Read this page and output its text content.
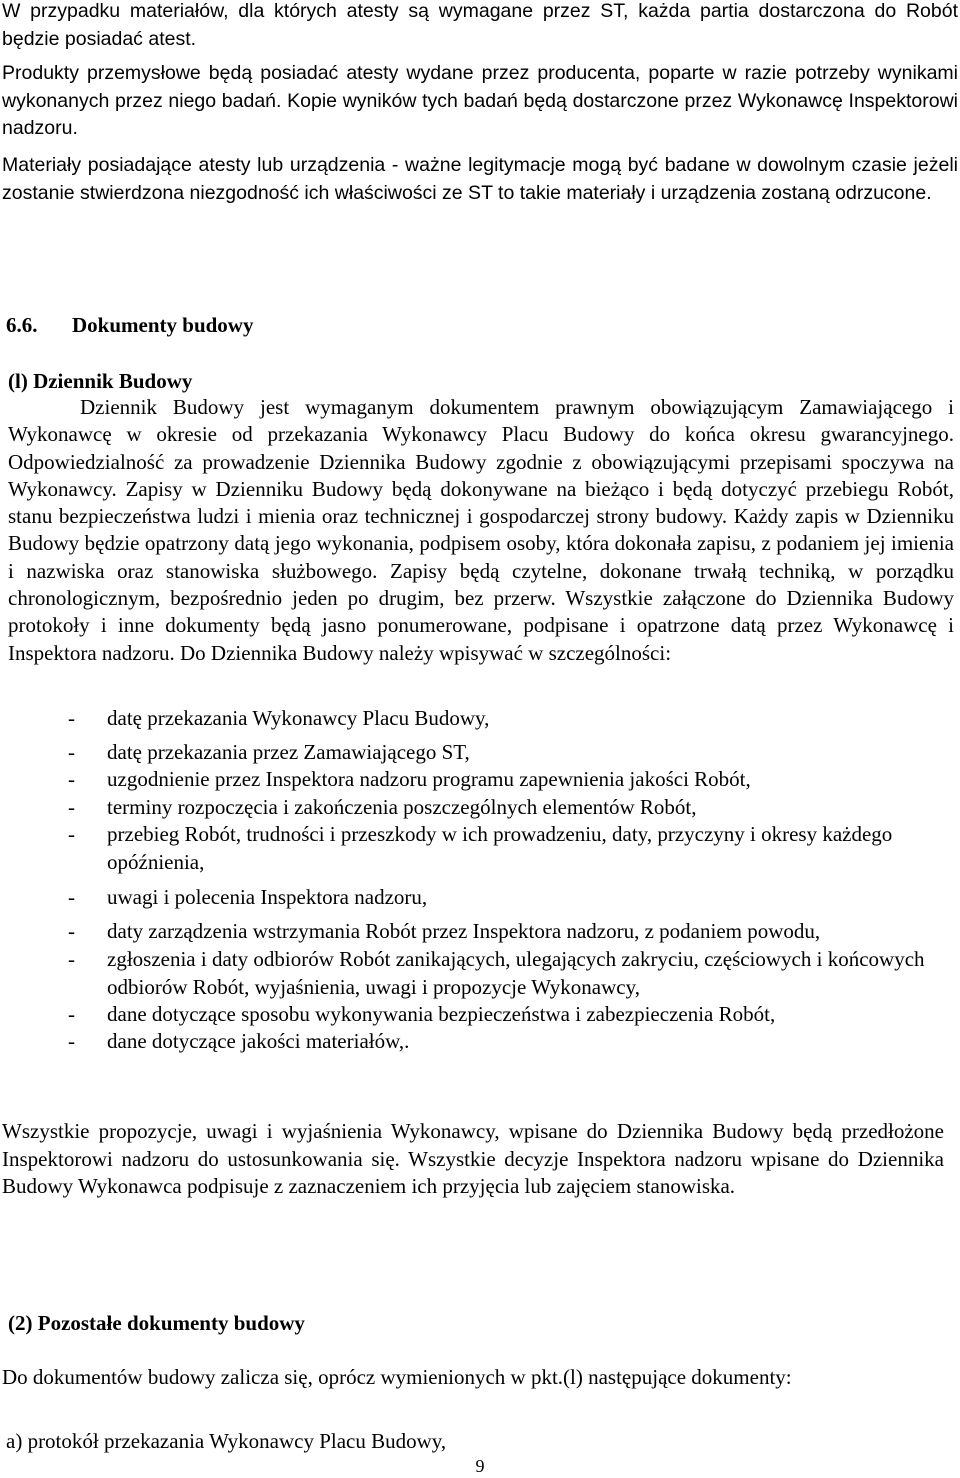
W przypadku materiałów, dla których atesty są wymagane przez ST, każda partia dostarczona do Robót będzie posiadać atest.

Produkty przemysłowe będą posiadać atesty wydane przez producenta, poparte w razie potrzeby wynikami wykonanych przez niego badań. Kopie wyników tych badań będą dostarczone przez Wykonawcę Inspektorowi nadzoru.

Materiały posiadające atesty lub urządzenia - ważne legitymacje mogą być badane w dowolnym czasie jeżeli zostanie stwierdzona niezgodność ich właściwości ze ST to takie materiały i urządzenia zostaną odrzucone.

6.6. Dokumenty budowy
(l) Dziennik Budowy

Dziennik Budowy jest wymaganym dokumentem prawnym obowiązującym Zamawiającego i Wykonawcę w okresie od przekazania Wykonawcy Placu Budowy do końca okresu gwarancyjnego. Odpowiedzialność za prowadzenie Dziennika Budowy zgodnie z obowiązującymi przepisami spoczywa na Wykonawcy. Zapisy w Dzienniku Budowy będą dokonywane na bieżąco i będą dotyczyć przebiegu Robót, stanu bezpieczeństwa ludzi i mienia oraz technicznej i gospodarczej strony budowy. Każdy zapis w Dzienniku Budowy będzie opatrzony datą jego wykonania, podpisem osoby, która dokonała zapisu, z podaniem jej imienia i nazwiska oraz stanowiska służbowego. Zapisy będą czytelne, dokonane trwałą techniką, w porządku chronologicznym, bezpośrednio jeden po drugim, bez przerw. Wszystkie załączone do Dziennika Budowy protokoły i inne dokumenty będą jasno ponumerowane, podpisane i opatrzone datą przez Wykonawcę i Inspektora nadzoru. Do Dziennika Budowy należy wpisywać w szczególności:

- datę przekazania Wykonawcy Placu Budowy,
- datę przekazania przez Zamawiającego ST,
- uzgodnienie przez Inspektora nadzoru programu zapewnienia jakości Robót,
- terminy rozpoczęcia i zakończenia poszczególnych elementów Robót,
- przebieg Robót, trudności i przeszkody w ich prowadzeniu, daty, przyczyny i okresy każdego opóźnienia,
- uwagi i polecenia Inspektora nadzoru,
- daty zarządzenia wstrzymania Robót przez Inspektora nadzoru, z podaniem powodu,
- zgłoszenia i daty odbiorów Robót zanikających, ulegających zakryciu, częściowych i końcowych odbiorów Robót, wyjaśnienia, uwagi i propozycje Wykonawcy,
- dane dotyczące sposobu wykonywania bezpieczeństwa i zabezpieczenia Robót,
- dane dotyczące jakości materiałów,.

Wszystkie propozycje, uwagi i wyjaśnienia Wykonawcy, wpisane do Dziennika Budowy będą przedłożone Inspektorowi nadzoru do ustosunkowania się. Wszystkie decyzje Inspektora nadzoru wpisane do Dziennika Budowy Wykonawca podpisuje z zaznaczeniem ich przyjęcia lub zajęciem stanowiska.

(2) Pozostałe dokumenty budowy

Do dokumentów budowy zalicza się, oprócz wymienionych w pkt.(l) następujące dokumenty:

a) protokół przekazania Wykonawcy Placu Budowy,

9
